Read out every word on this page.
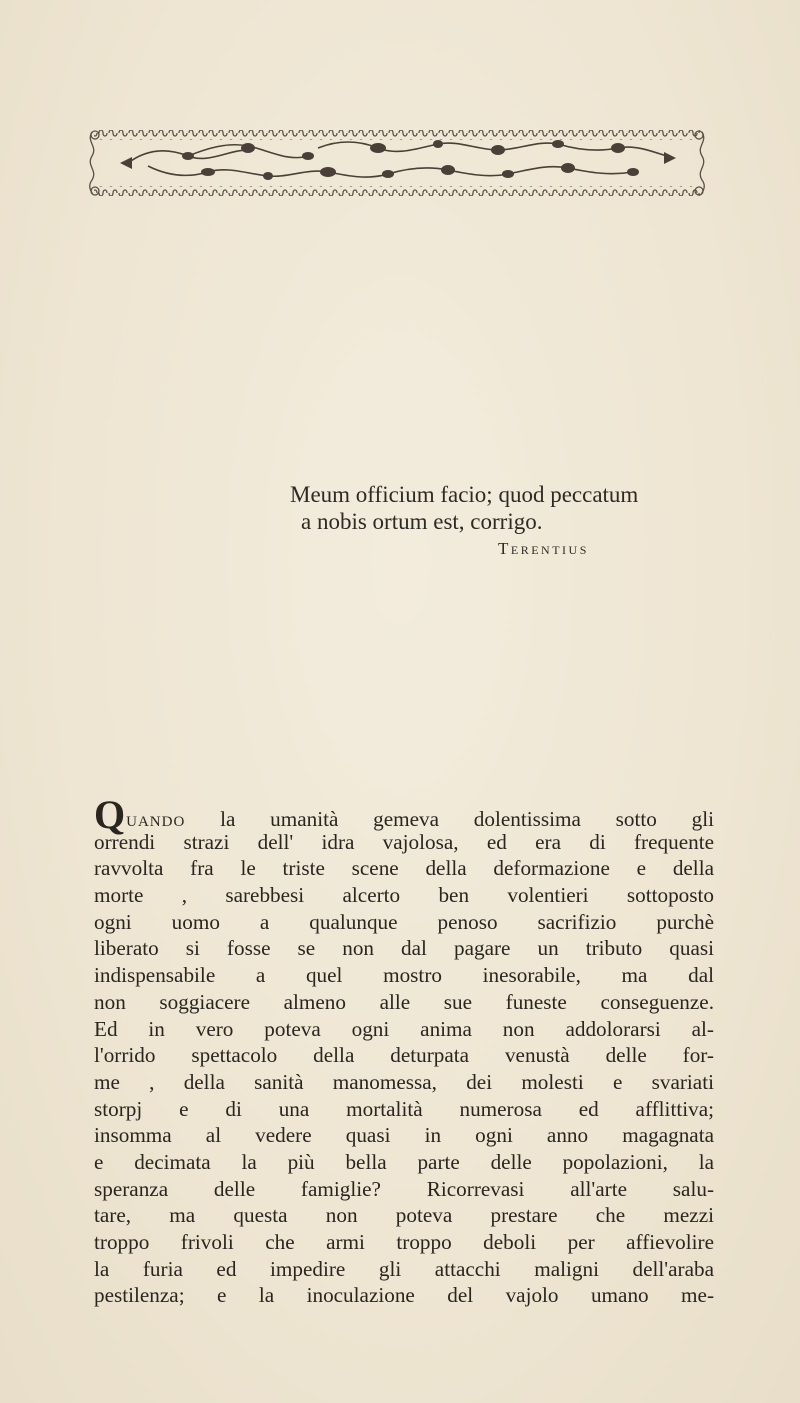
Meum officium facio; quod peccatum
a nobis ortum est, corrigo.
Terentius
Quando la umanità gemeva dolentissima sotto gli
orrendi strazi dell' idra vajolosa, ed era di frequente
ravvolta fra le triste scene della deformazione e della
morte , sarebbesi alcerto ben volentieri sottoposto
ogni uomo a qualunque penoso sacrifizio purchè
liberato si fosse se non dal pagare un tributo quasi
indispensabile a quel mostro inesorabile, ma dal
non soggiacere almeno alle sue funeste conseguenze.
Ed in vero poteva ogni anima non addolorarsi al-
l'orrido spettacolo della deturpata venustà delle for-
me , della sanità manomessa, dei molesti e svariati
storpj e di una mortalità numerosa ed afflittiva;
insomma al vedere quasi in ogni anno magagnata
e decimata la più bella parte delle popolazioni, la
speranza delle famiglie? Ricorrevasi all'arte salu-
tare, ma questa non poteva prestare che mezzi
troppo frivoli che armi troppo deboli per affievolire
la furia ed impedire gli attacchi maligni dell'araba
pestilenza; e la inoculazione del vajolo umano me-
